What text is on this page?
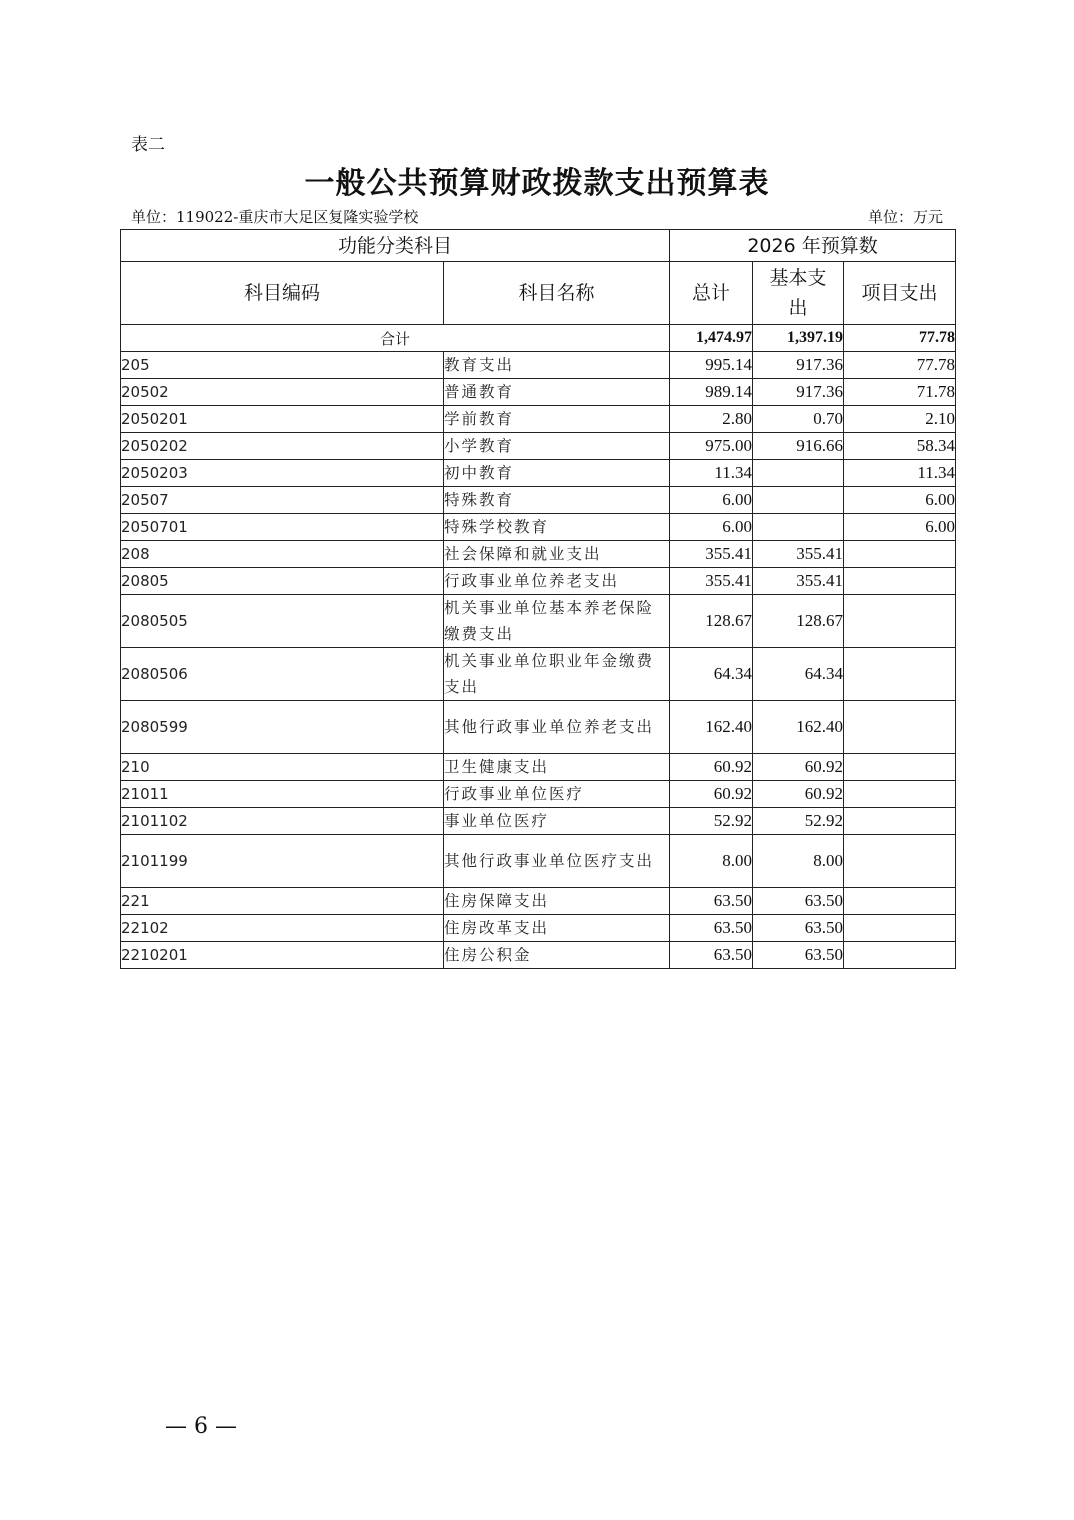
表二
一般公共预算财政拨款支出预算表
单位：119022-重庆市大足区复隆实验学校	单位：万元
功能分类科目		2026 年预算数		
科目编码	科目名称	总计	基本支出	项目支出
合计		1,474.97	1,397.19	77.78
205	教育支出	995.14	917.36	77.78
20502	普通教育	989.14	917.36	71.78
2050201	学前教育	2.80	0.70	2.10
2050202	小学教育	975.00	916.66	58.34
2050203	初中教育	11.34		11.34
20507	特殊教育	6.00		6.00
2050701	特殊学校教育	6.00		6.00
208	社会保障和就业支出	355.41	355.41	
20805	行政事业单位养老支出	355.41	355.41	
2080505	机关事业单位基本养老保险缴费支出	128.67	128.67	
2080506	机关事业单位职业年金缴费支出	64.34	64.34	
2080599	其他行政事业单位养老支出	162.40	162.40	
210	卫生健康支出	60.92	60.92	
21011	行政事业单位医疗	60.92	60.92	
2101102	事业单位医疗	52.92	52.92	
2101199	其他行政事业单位医疗支出	8.00	8.00	
221	住房保障支出	63.50	63.50	
22102	住房改革支出	63.50	63.50	
2210201	住房公积金	63.50	63.50	
— 6 —
